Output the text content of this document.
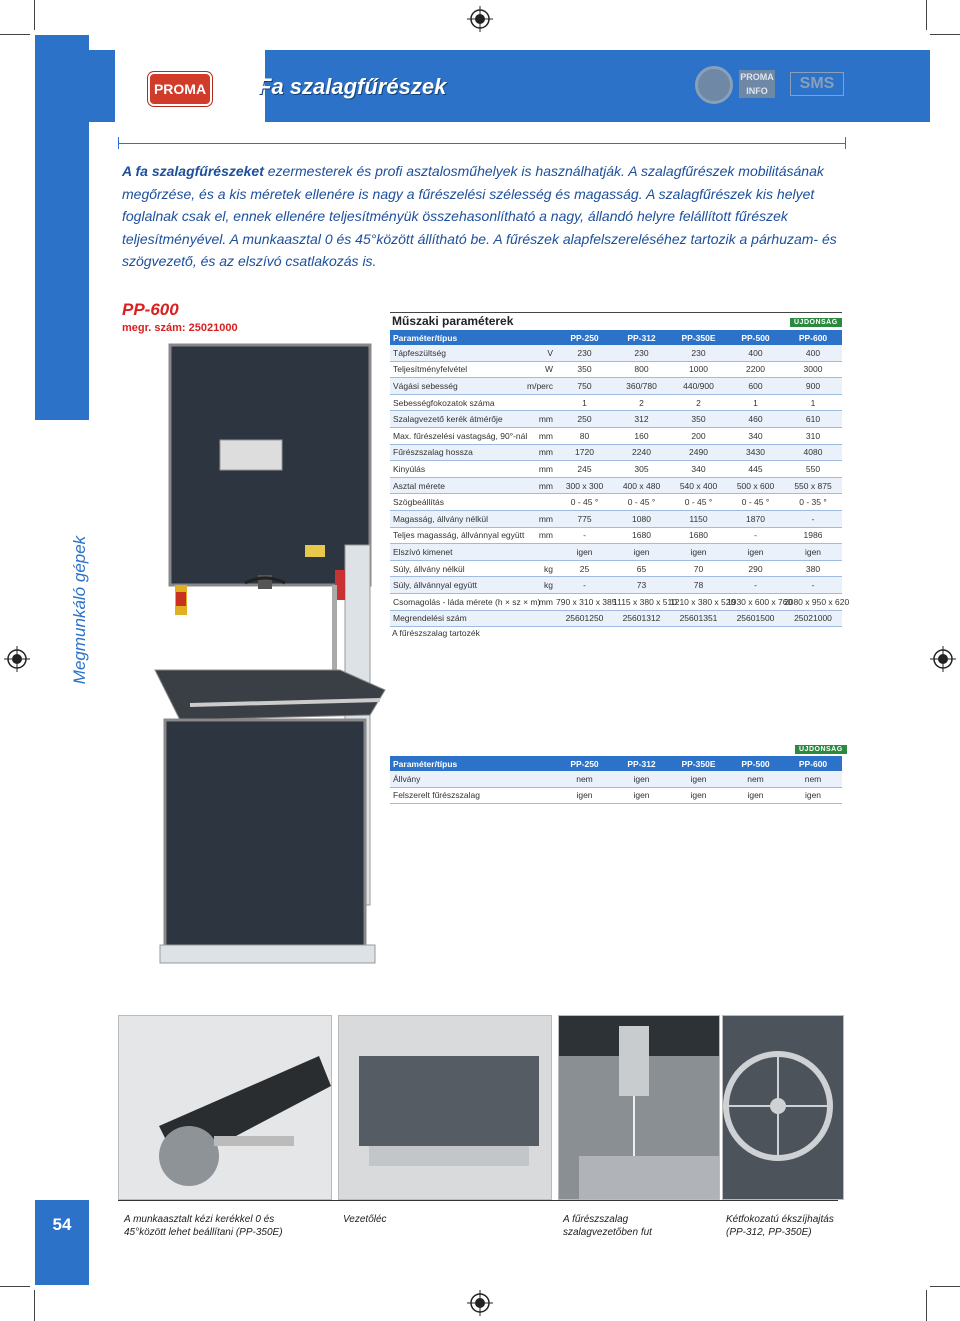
Megmunkáló gépek
PROMA Fa szalagfűrészek	PROMA
INFO	SMS
A fa szalagfűrészeket ezermesterek és profi asztalosműhelyek is használhatják. A szalagfűrészek mobilitásának megőrzése, és a kis méretek ellenére is nagy a fűrészelési szélesség és magasság. A szalagfűrészek kis helyet foglalnak csak el, ennek ellenére teljesítményük összehasonlítható a nagy, állandó helyre felállított fűrészek teljesítményével. A munkaasztal 0 és 45°között állítható be. A fűrészek alapfelszereléséhez tartozik a párhuzam- és szögvezető, és az elszívó csatlakozás is.
PP-600
megr. szám: 25021000	Műszaki paraméterek	ÚJDONSÁG
Paraméter/típus		PP-250	PP-312	PP-350E	PP-500	PP-600
Tápfeszültség	V	230	230	230	400	400
Teljesítményfelvétel	W	350	800	1000	2200	3000
Vágási sebesség	m/perc	750	360/780	440/900	600	900
Sebességfokozatok száma		1	2	2	1	1
Szalagvezető kerék átmérője	mm	250	312	350	460	610
Max. fűrészelési vastagság, 90°-nál	mm	80	160	200	340	310
Fűrészszalag hossza	mm	1720	2240	2490	3430	4080
Kinyúlás	mm	245	305	340	445	550
Asztal mérete	mm	300 x 300	400 x 480	540 x 400	500 x 600	550 x 875
Szögbeállítás		0 - 45 °	0 - 45 °	0 - 45 °	0 - 45 °	0 - 35 °
Magasság, állvány nélkül	mm	775	1080	1150	1870	-
Teljes magasság, állvánnyal együtt	mm	-	1680	1680	-	1986
Elszívó kimenet		igen	igen	igen	igen	igen
Súly, állvány nélkül	kg	25	65	70	290	380
Súly, állvánnyal együtt	kg	-	73	78	-	-
Csomagolás - láda mérete (h × sz × m)	mm	790 x 310 x 385	1115 x 380 x 510	1210 x 380 x 520	1930 x 600 x 760	2080 x 950 x 620
Megrendelési szám		25601250	25601312	25601351	25601500	25021000
A fűrészszalag tartozék
ÚJDONSÁG
Paraméter/típus		PP-250	PP-312	PP-350E	PP-500	PP-600
Állvány		nem	igen	igen	nem	nem
Felszerelt fűrészszalag		igen	igen	igen	igen	igen
54	A munkaasztalt kézi kerékkel 0 és 45°között lehet beállítani (PP-350E)
Vezetőléc	A fűrészszalag szalagvezetőben fut
Kétfokozatú ékszíjhajtás (PP-312, PP-350E)
